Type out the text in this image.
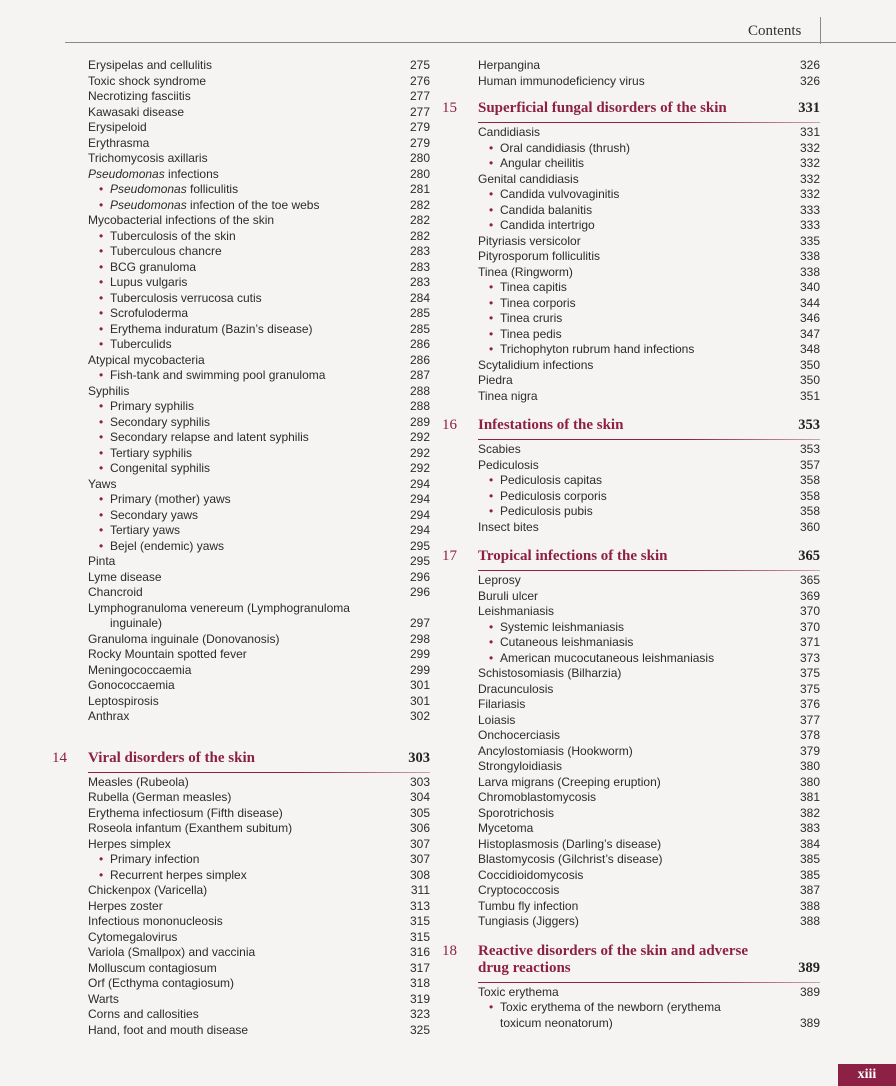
Contents
Erysipelas and cellulitis	275
Toxic shock syndrome	276
Necrotizing fasciitis	277
Kawasaki disease	277
Erysipeloid	279
Erythrasma	279
Trichomycosis axillaris	280
Pseudomonas infections	280
• Pseudomonas folliculitis	281
• Pseudomonas infection of the toe webs	282
Mycobacterial infections of the skin	282
• Tuberculosis of the skin	282
• Tuberculous chancre	283
• BCG granuloma	283
• Lupus vulgaris	283
• Tuberculosis verrucosa cutis	284
• Scrofuloderma	285
• Erythema induratum (Bazin’s disease)	285
• Tuberculids	286
Atypical mycobacteria	286
• Fish-tank and swimming pool granuloma	287
Syphilis	288
• Primary syphilis	288
• Secondary syphilis	289
• Secondary relapse and latent syphilis	292
• Tertiary syphilis	292
• Congenital syphilis	292
Yaws	294
• Primary (mother) yaws	294
• Secondary yaws	294
• Tertiary yaws	294
• Bejel (endemic) yaws	295
Pinta	295
Lyme disease	296
Chancroid	296
Lymphogranuloma venereum (Lymphogranuloma
inguinale)	297
Granuloma inguinale (Donovanosis)	298
Rocky Mountain spotted fever	299
Meningococcaemia	299
Gonococcaemia	301
Leptospirosis	301
Anthrax	302
14 Viral disorders of the skin	303
Measles (Rubeola)	303
Rubella (German measles)	304
Erythema infectiosum (Fifth disease)	305
Roseola infantum (Exanthem subitum)	306
Herpes simplex	307
• Primary infection	307
• Recurrent herpes simplex	308
Chickenpox (Varicella)	311
Herpes zoster	313
Infectious mononucleosis	315
Cytomegalovirus	315
Variola (Smallpox) and vaccinia	316
Molluscum contagiosum	317
Orf (Ecthyma contagiosum)	318
Warts	319
Corns and callosities	323
Hand, foot and mouth disease	325
Herpangina	326
Human immunodeficiency virus	326
15 Superficial fungal disorders of the skin	331
Candidiasis	331
• Oral candidiasis (thrush)	332
• Angular cheilitis	332
Genital candidiasis	332
• Candida vulvovaginitis	332
• Candida balanitis	333
• Candida intertrigo	333
Pityriasis versicolor	335
Pityrosporum folliculitis	338
Tinea (Ringworm)	338
• Tinea capitis	340
• Tinea corporis	344
• Tinea cruris	346
• Tinea pedis	347
• Trichophyton rubrum hand infections	348
Scytalidium infections	350
Piedra	350
Tinea nigra	351
16 Infestations of the skin	353
Scabies	353
Pediculosis	357
• Pediculosis capitas	358
• Pediculosis corporis	358
• Pediculosis pubis	358
Insect bites	360
17 Tropical infections of the skin	365
Leprosy	365
Buruli ulcer	369
Leishmaniasis	370
• Systemic leishmaniasis	370
• Cutaneous leishmaniasis	371
• American mucocutaneous leishmaniasis	373
Schistosomiasis (Bilharzia)	375
Dracunculosis	375
Filariasis	376
Loiasis	377
Onchocerciasis	378
Ancylostomiasis (Hookworm)	379
Strongyloidiasis	380
Larva migrans (Creeping eruption)	380
Chromoblastomycosis	381
Sporotrichosis	382
Mycetoma	383
Histoplasmosis (Darling’s disease)	384
Blastomycosis (Gilchrist’s disease)	385
Coccidioidomycosis	385
Cryptococcosis	387
Tumbu fly infection	388
Tungiasis (Jiggers)	388
18 Reactive disorders of the skin and adverse
drug reactions	389
Toxic erythema	389
• Toxic erythema of the newborn (erythema
toxicum neonatorum)	389
xiii
